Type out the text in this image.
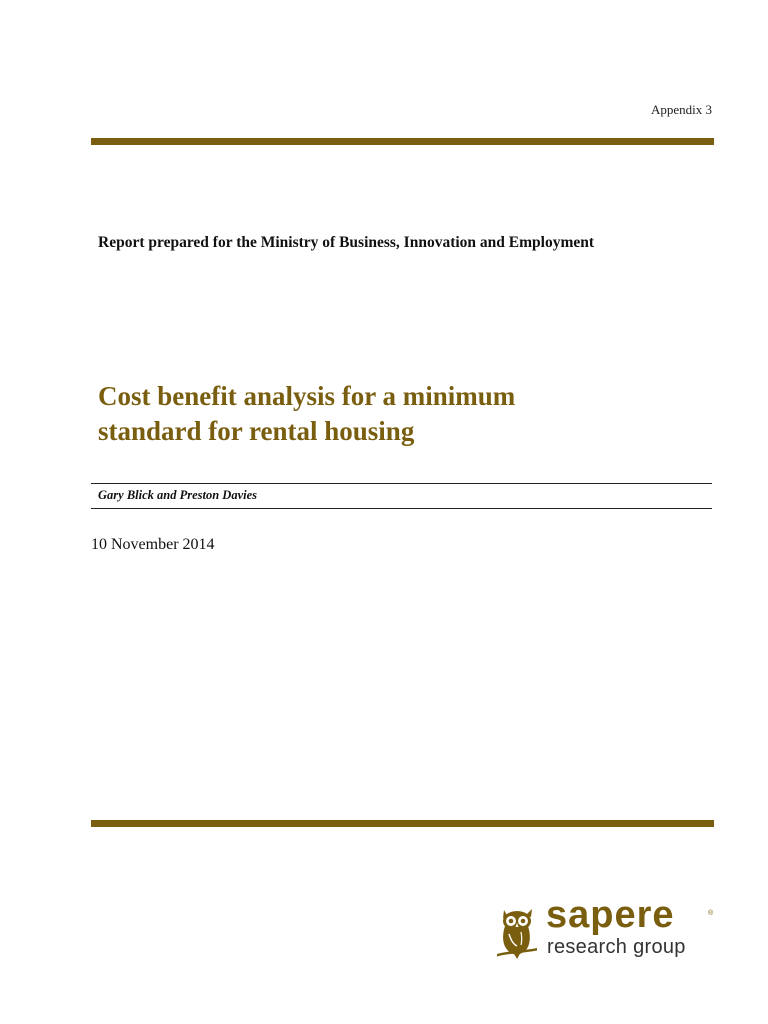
Appendix 3
Report prepared for the Ministry of Business, Innovation and Employment
Cost benefit analysis for a minimum
standard for rental housing
Gary Blick and Preston Davies
10 November 2014
sapere	®
research group
